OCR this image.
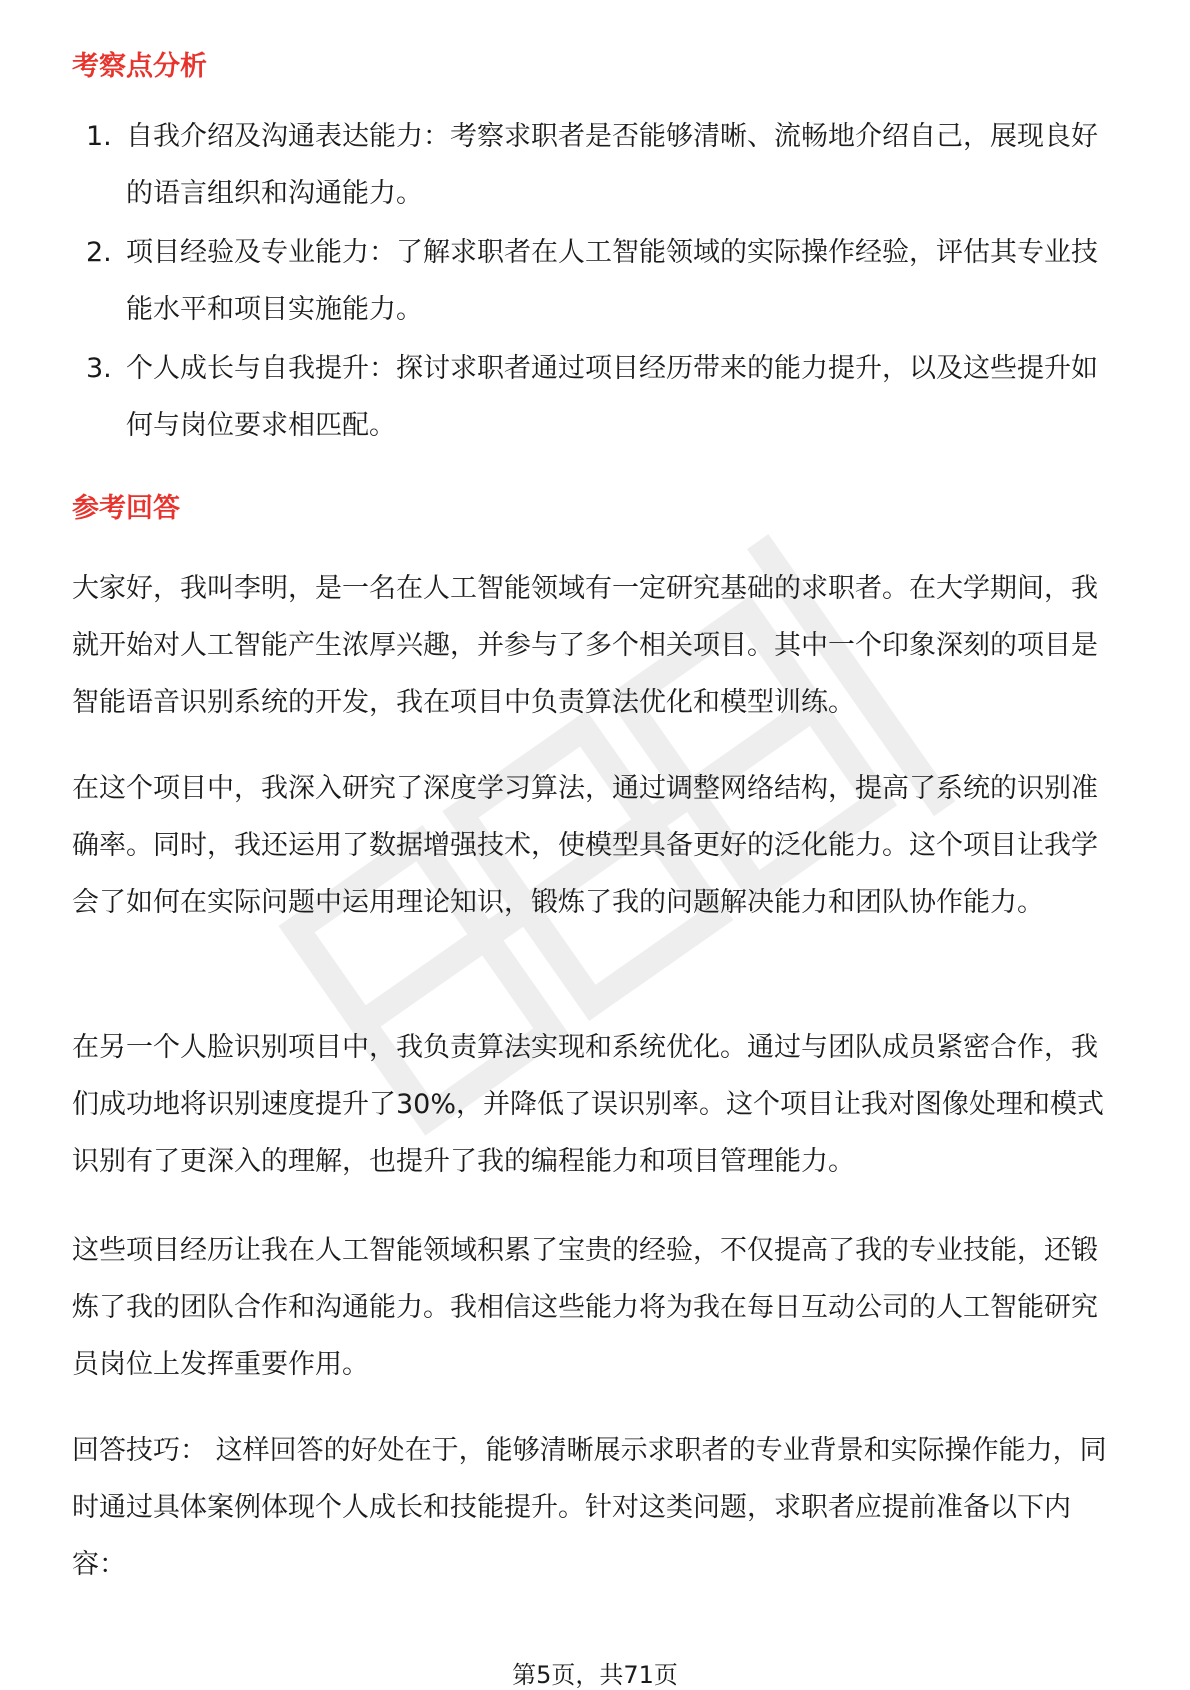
考察点分析
1. 自我介绍及沟通表达能力：考察求职者是否能够清晰、流畅地介绍自己，展现良好的语言组织和沟通能力。
2. 项目经验及专业能力：了解求职者在人工智能领域的实际操作经验，评估其专业技能水平和项目实施能力。
3. 个人成长与自我提升：探讨求职者通过项目经历带来的能力提升，以及这些提升如何与岗位要求相匹配。
参考回答

大家好，我叫李明，是一名在人工智能领域有一定研究基础的求职者。在大学期间，我就开始对人工智能产生浓厚兴趣，并参与了多个相关项目。其中一个印象深刻的项目是智能语音识别系统的开发，我在项目中负责算法优化和模型训练。

在这个项目中，我深入研究了深度学习算法，通过调整网络结构，提高了系统的识别准确率。同时，我还运用了数据增强技术，使模型具备更好的泛化能力。这个项目让我学会了如何在实际问题中运用理论知识，锻炼了我的问题解决能力和团队协作能力。

在另一个人脸识别项目中，我负责算法实现和系统优化。通过与团队成员紧密合作，我们成功地将识别速度提升了30%，并降低了误识别率。这个项目让我对图像处理和模式识别有了更深入的理解，也提升了我的编程能力和项目管理能力。

这些项目经历让我在人工智能领域积累了宝贵的经验，不仅提高了我的专业技能，还锻炼了我的团队合作和沟通能力。我相信这些能力将为我在每日互动公司的人工智能研究员岗位上发挥重要作用。

回答技巧： 这样回答的好处在于，能够清晰展示求职者的专业背景和实际操作能力，同时通过具体案例体现个人成长和技能提升。针对这类问题，求职者应提前准备以下内容：

第5页，共71页
